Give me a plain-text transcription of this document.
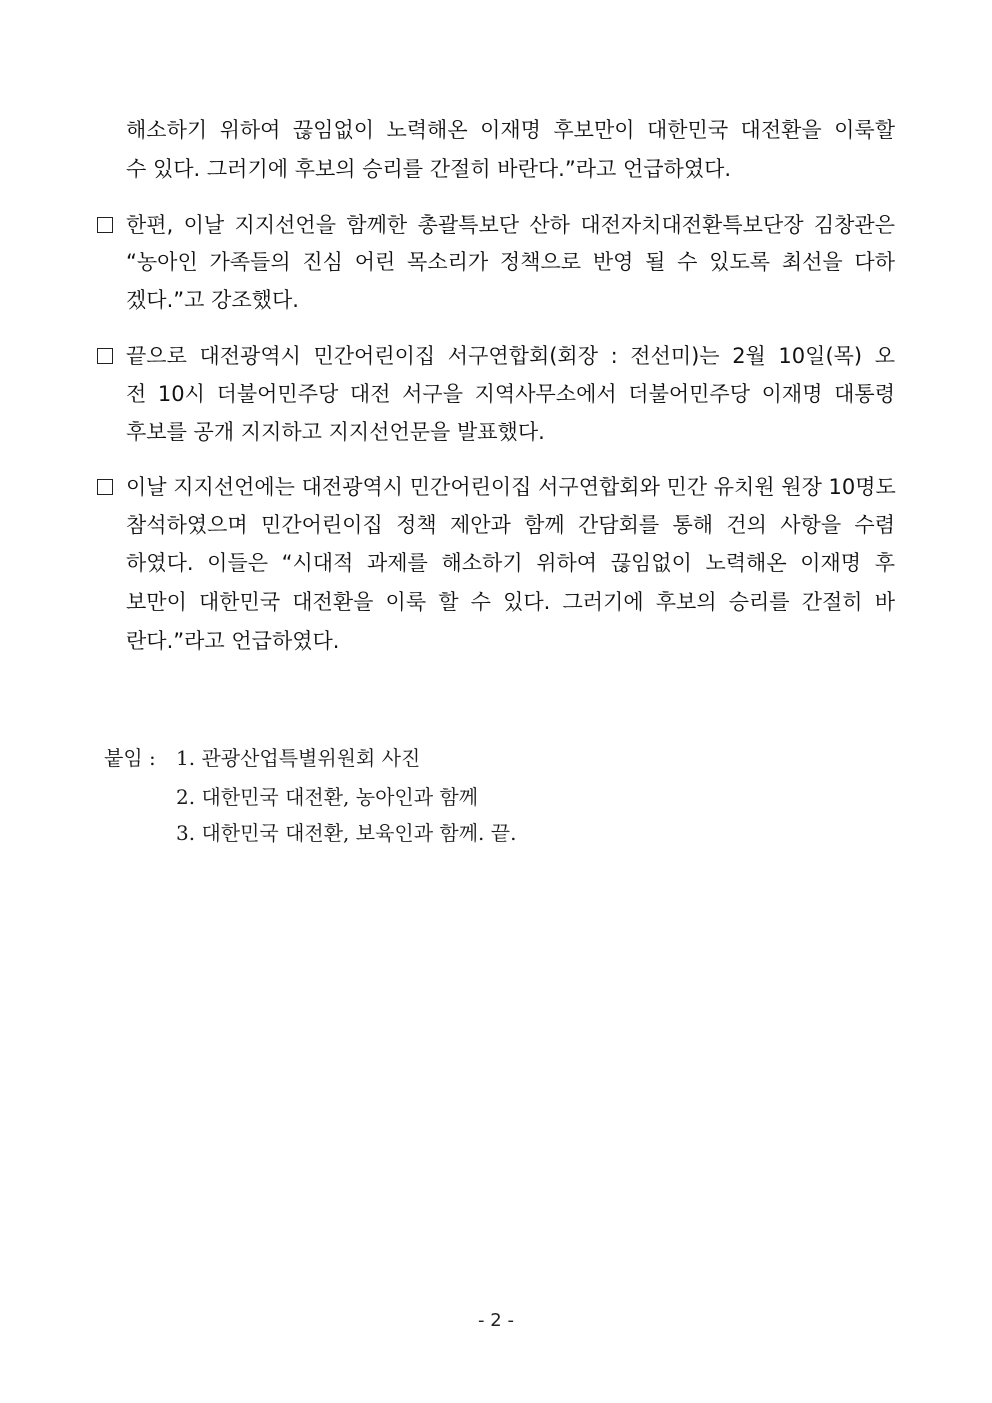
해소하기 위하여 끊임없이 노력해온 이재명 후보만이 대한민국 대전환을 이룩할
수 있다. 그러기에 후보의 승리를 간절히 바란다.”라고 언급하였다.
한편, 이날 지지선언을 함께한 총괄특보단 산하 대전자치대전환특보단장 김창관은
“농아인 가족들의 진심 어린 목소리가 정책으로 반영 될 수 있도록 최선을 다하
겠다.”고 강조했다.
끝으로 대전광역시 민간어린이집 서구연합회(회장 : 전선미)는 2월 10일(목) 오
전 10시 더불어민주당 대전 서구을 지역사무소에서 더불어민주당 이재명 대통령
후보를 공개 지지하고 지지선언문을 발표했다.
이날 지지선언에는 대전광역시 민간어린이집 서구연합회와 민간 유치원 원장 10명도
참석하였으며 민간어린이집 정책 제안과 함께 간담회를 통해 건의 사항을 수렴
하였다. 이들은 “시대적 과제를 해소하기 위하여 끊임없이 노력해온 이재명 후
보만이 대한민국 대전환을 이룩 할 수 있다. 그러기에 후보의 승리를 간절히 바
란다.”라고 언급하였다.
붙임 : 1. 관광산업특별위원회 사진
2. 대한민국 대전환, 농아인과 함께
3. 대한민국 대전환, 보육인과 함께. 끝.
- 2 -
